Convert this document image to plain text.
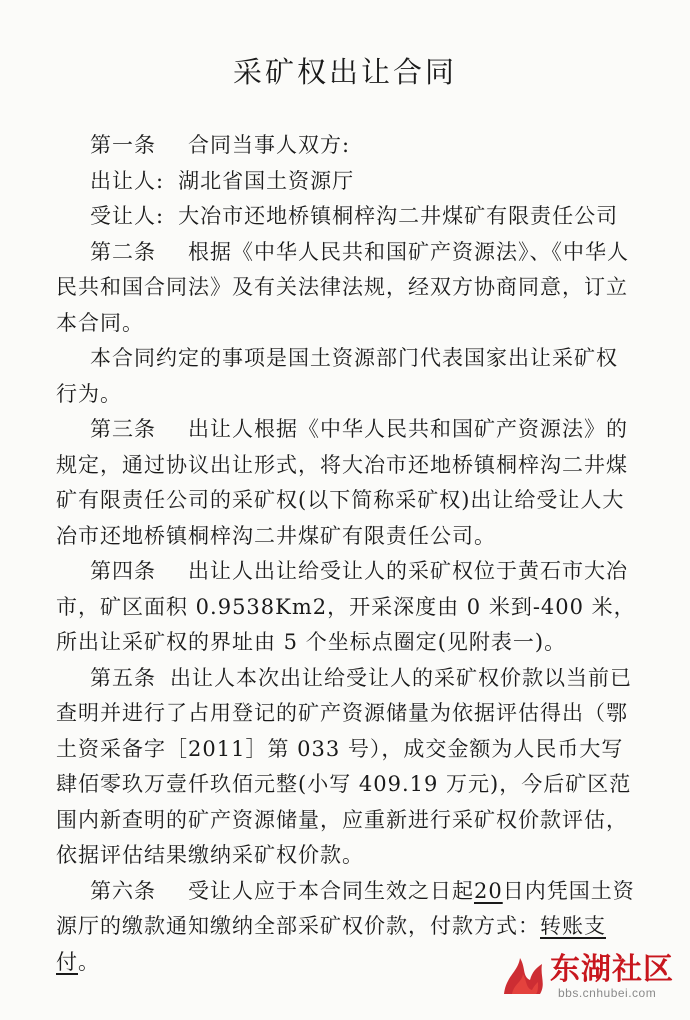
采矿权出让合同

第一条 合同当事人双方:

出让人: 湖北省国土资源厅

受让人: 大冶市还地桥镇桐梓沟二井煤矿有限责任公司

第二条 根据《中华人民共和国矿产资源法》、《中华人民共和国合同法》及有关法律法规，经双方协商同意，订立本合同。

本合同约定的事项是国土资源部门代表国家出让采矿权行为。

第三条 出让人根据《中华人民共和国矿产资源法》的规定，通过协议出让形式，将大冶市还地桥镇桐梓沟二井煤矿有限责任公司的采矿权(以下简称采矿权)出让给受让人大冶市还地桥镇桐梓沟二井煤矿有限责任公司。

第四条 出让人出让给受让人的采矿权位于黄石市大冶市，矿区面积 0.9538Km2，开采深度由 0 米到-400 米，所出让采矿权的界址由 5 个坐标点圈定(见附表一)。

第五条 出让人本次出让给受让人的采矿权价款以当前已查明并进行了占用登记的矿产资源储量为依据评估得出（鄂土资采备字［2011］第 033 号），成交金额为人民币大写肆佰零玖万壹仟玖佰元整(小写 409.19 万元)，今后矿区范围内新查明的矿产资源储量，应重新进行采矿权价款评估，依据评估结果缴纳采矿权价款。

第六条 受让人应于本合同生效之日起20日内凭国土资源厅的缴款通知缴纳全部采矿权价款，付款方式：转账支付。	东湖社区
bbs.cnhubei.com
